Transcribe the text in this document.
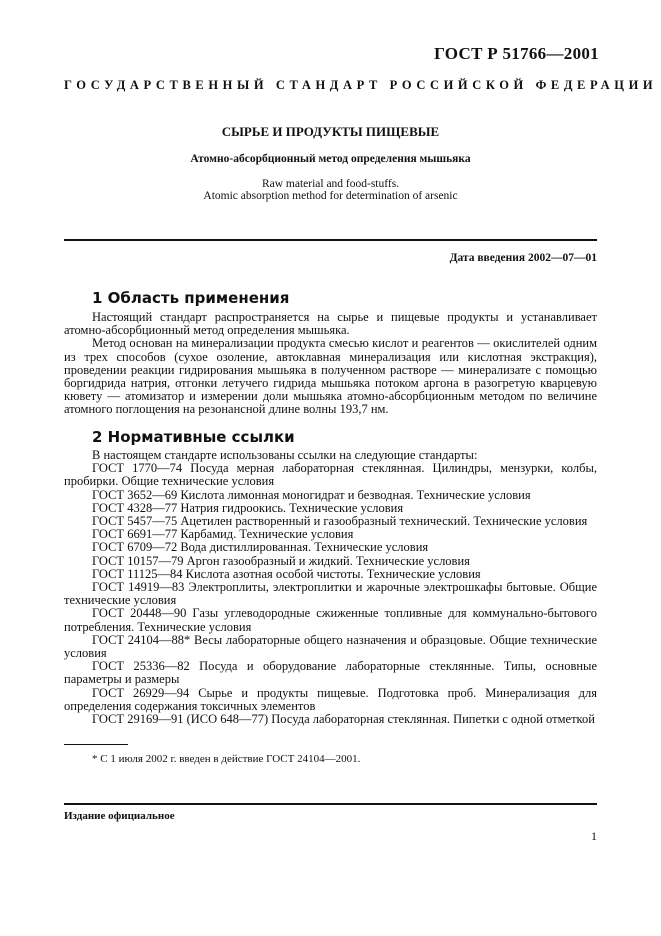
ГОСТ Р 51766—2001
ГОСУДАРСТВЕННЫЙ СТАНДАРТ РОССИЙСКОЙ ФЕДЕРАЦИИ
СЫРЬЕ И ПРОДУКТЫ ПИЩЕВЫЕ
Атомно-абсорбционный метод определения мышьяка
Raw material and food-stuffs.
Atomic absorption method for determination of arsenic
Дата введения 2002—07—01
1 Область применения

Настоящий стандарт распространяется на сырье и пищевые продукты и устанавливает атомно-абсорбционный метод определения мышьяка.

Метод основан на минерализации продукта смесью кислот и реагентов — окислителей одним из трех способов (сухое озоление, автоклавная минерализация или кислотная экстракция), проведении реакции гидрирования мышьяка в полученном растворе — минерализате с помощью боргидрида натрия, отгонки летучего гидрида мышьяка потоком аргона в разогретую кварцевую кювету — атомизатор и измерении доли мышьяка атомно-абсорбционным методом по величине атомного поглощения на резонансной длине волны 193,7 нм.

2 Нормативные ссылки

В настоящем стандарте использованы ссылки на следующие стандарты:

ГОСТ 1770—74 Посуда мерная лабораторная стеклянная. Цилиндры, мензурки, колбы, пробирки. Общие технические условия

ГОСТ 3652—69 Кислота лимонная моногидрат и безводная. Технические условия

ГОСТ 4328—77 Натрия гидроокись. Технические условия

ГОСТ 5457—75 Ацетилен растворенный и газообразный технический. Технические условия

ГОСТ 6691—77 Карбамид. Технические условия

ГОСТ 6709—72 Вода дистиллированная. Технические условия

ГОСТ 10157—79 Аргон газообразный и жидкий. Технические условия

ГОСТ 11125—84 Кислота азотная особой чистоты. Технические условия

ГОСТ 14919—83 Электроплиты, электроплитки и жарочные электрошкафы бытовые. Общие технические условия

ГОСТ 20448—90 Газы углеводородные сжиженные топливные для коммунально-бытового потребления. Технические условия

ГОСТ 24104—88* Весы лабораторные общего назначения и образцовые. Общие технические условия

ГОСТ 25336—82 Посуда и оборудование лабораторные стеклянные. Типы, основные параметры и размеры

ГОСТ 26929—94 Сырье и продукты пищевые. Подготовка проб. Минерализация для определения содержания токсичных элементов

ГОСТ 29169—91 (ИСО 648—77) Посуда лабораторная стеклянная. Пипетки с одной отметкой

* С 1 июля 2002 г. введен в действие ГОСТ 24104—2001.
Издание официальное
1
